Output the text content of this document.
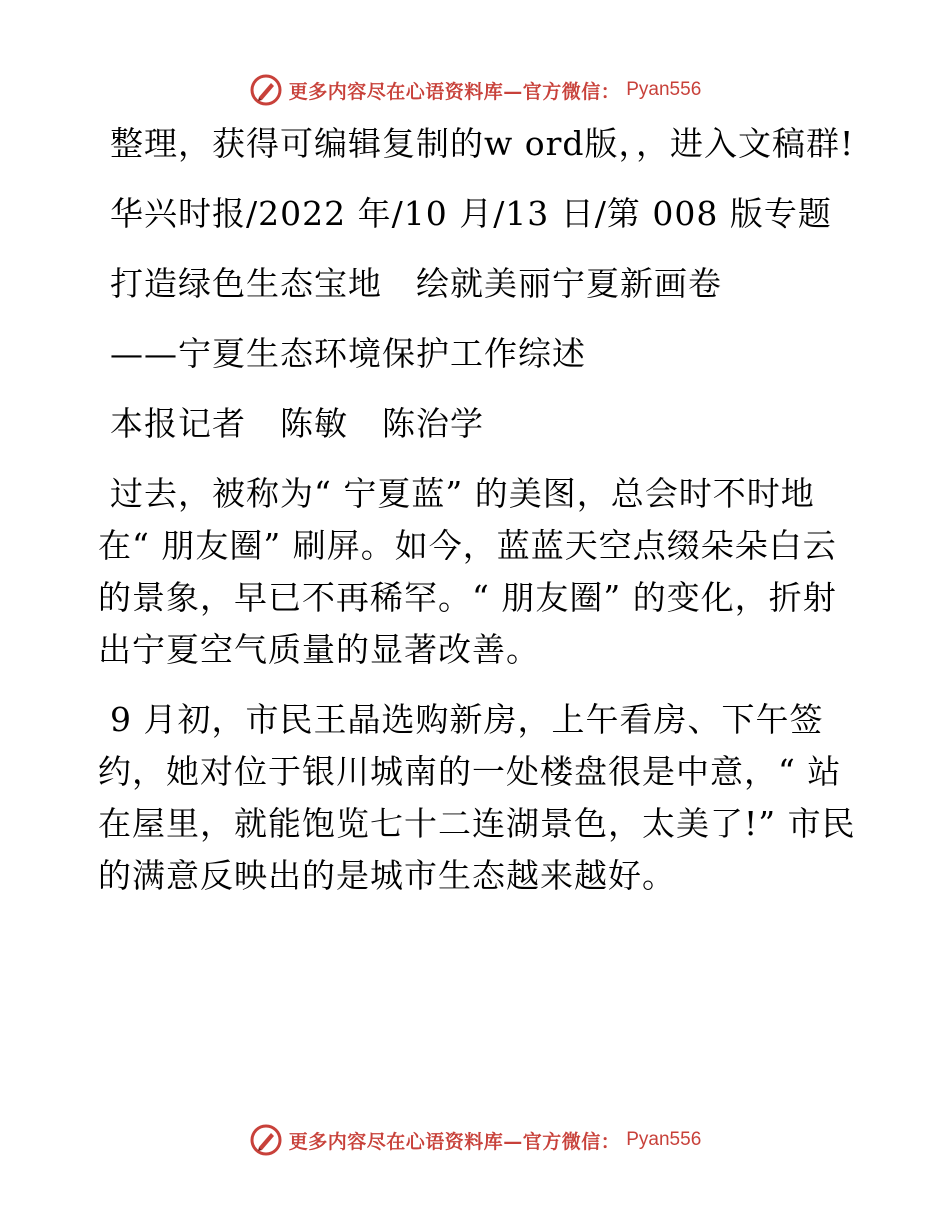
更多内容尽在心语资料库—官方微信： Pyan556

整理，获得可编辑复制的w ord版，，进入文稿群!

华兴时报/2022 年/10 月/13 日/第 008 版专题

打造绿色生态宝地　绘就美丽宁夏新画卷

——宁夏生态环境保护工作综述

本报记者　陈敏　陈治学

过去，被称为“ 宁夏蓝” 的美图，总会时不时地在“ 朋友圈” 刷屏。如今，蓝蓝天空点缀朵朵白云的景象，早已不再稀罕。“ 朋友圈” 的变化，折射出宁夏空气质量的显著改善。

9 月初，市民王晶选购新房，上午看房、下午签约，她对位于银川城南的一处楼盘很是中意，“ 站在屋里，就能饱览七十二连湖景色，太美了!” 市民的满意反映出的是城市生态越来越好。

更多内容尽在心语资料库—官方微信： Pyan556
